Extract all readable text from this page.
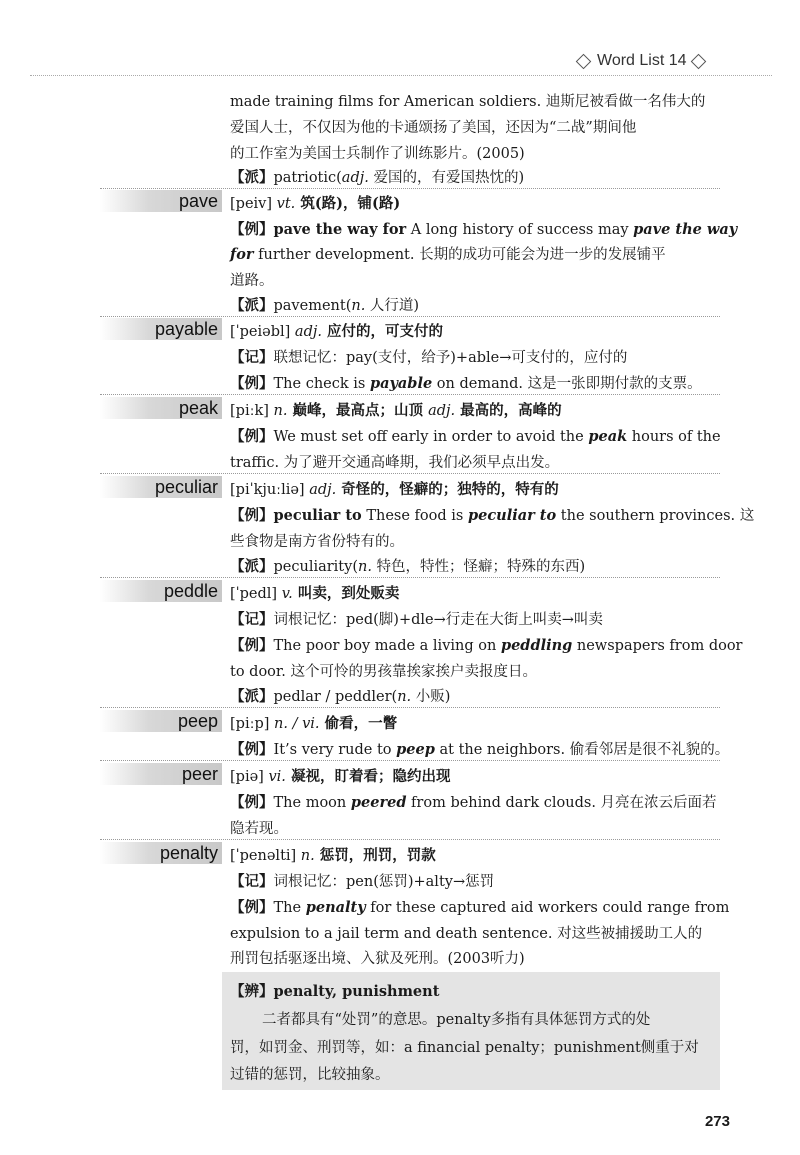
Word List 14
made training films for American soldiers. 迪斯尼被看做一名伟大的
爱国人士，不仅因为他的卡通颂扬了美国，还因为“二战”期间他
的工作室为美国士兵制作了训练影片。(2005)
【派】patriotic(adj. 爱国的，有爱国热忱的)
pave [peiv] vt. 筑(路)，铺(路)
【例】pave the way for A long history of success may pave the way
for further development. 长期的成功可能会为进一步的发展铺平
道路。
【派】pavement(n. 人行道)
payable [ˈpeiəbl] adj. 应付的，可支付的
【记】联想记忆：pay(支付，给予)+able→可支付的，应付的
【例】The check is payable on demand. 这是一张即期付款的支票。
peak [piːk] n. 巅峰，最高点；山顶 adj. 最高的，高峰的
【例】We must set off early in order to avoid the peak hours of the
traffic. 为了避开交通高峰期，我们必须早点出发。
peculiar [piˈkjuːliə] adj. 奇怪的，怪癖的；独特的，特有的
【例】peculiar to These food is peculiar to the southern provinces. 这
些食物是南方省份特有的。
【派】peculiarity(n. 特色，特性；怪癖；特殊的东西)
peddle [ˈpedl] v. 叫卖，到处贩卖
【记】词根记忆：ped(脚)+dle→行走在大街上叫卖→叫卖
【例】The poor boy made a living on peddling newspapers from door
to door. 这个可怜的男孩靠挨家挨户卖报度日。
【派】pedlar / peddler(n. 小贩)
peep [piːp] n. / vi. 偷看，一瞥
【例】It’s very rude to peep at the neighbors. 偷看邻居是很不礼貌的。
peer [piə] vi. 凝视，盯着看；隐约出现
【例】The moon peered from behind dark clouds. 月亮在浓云后面若
隐若现。
penalty [ˈpenəlti] n. 惩罚，刑罚，罚款
【记】词根记忆：pen(惩罚)+alty→惩罚
【例】The penalty for these captured aid workers could range from
expulsion to a jail term and death sentence. 对这些被捕援助工人的
刑罚包括驱逐出境、入狱及死刑。(2003听力)
【辨】penalty, punishment
二者都具有“处罚”的意思。penalty多指有具体惩罚方式的处
罚，如罚金、刑罚等，如：a financial penalty；punishment侧重于对
过错的惩罚，比较抽象。
273
